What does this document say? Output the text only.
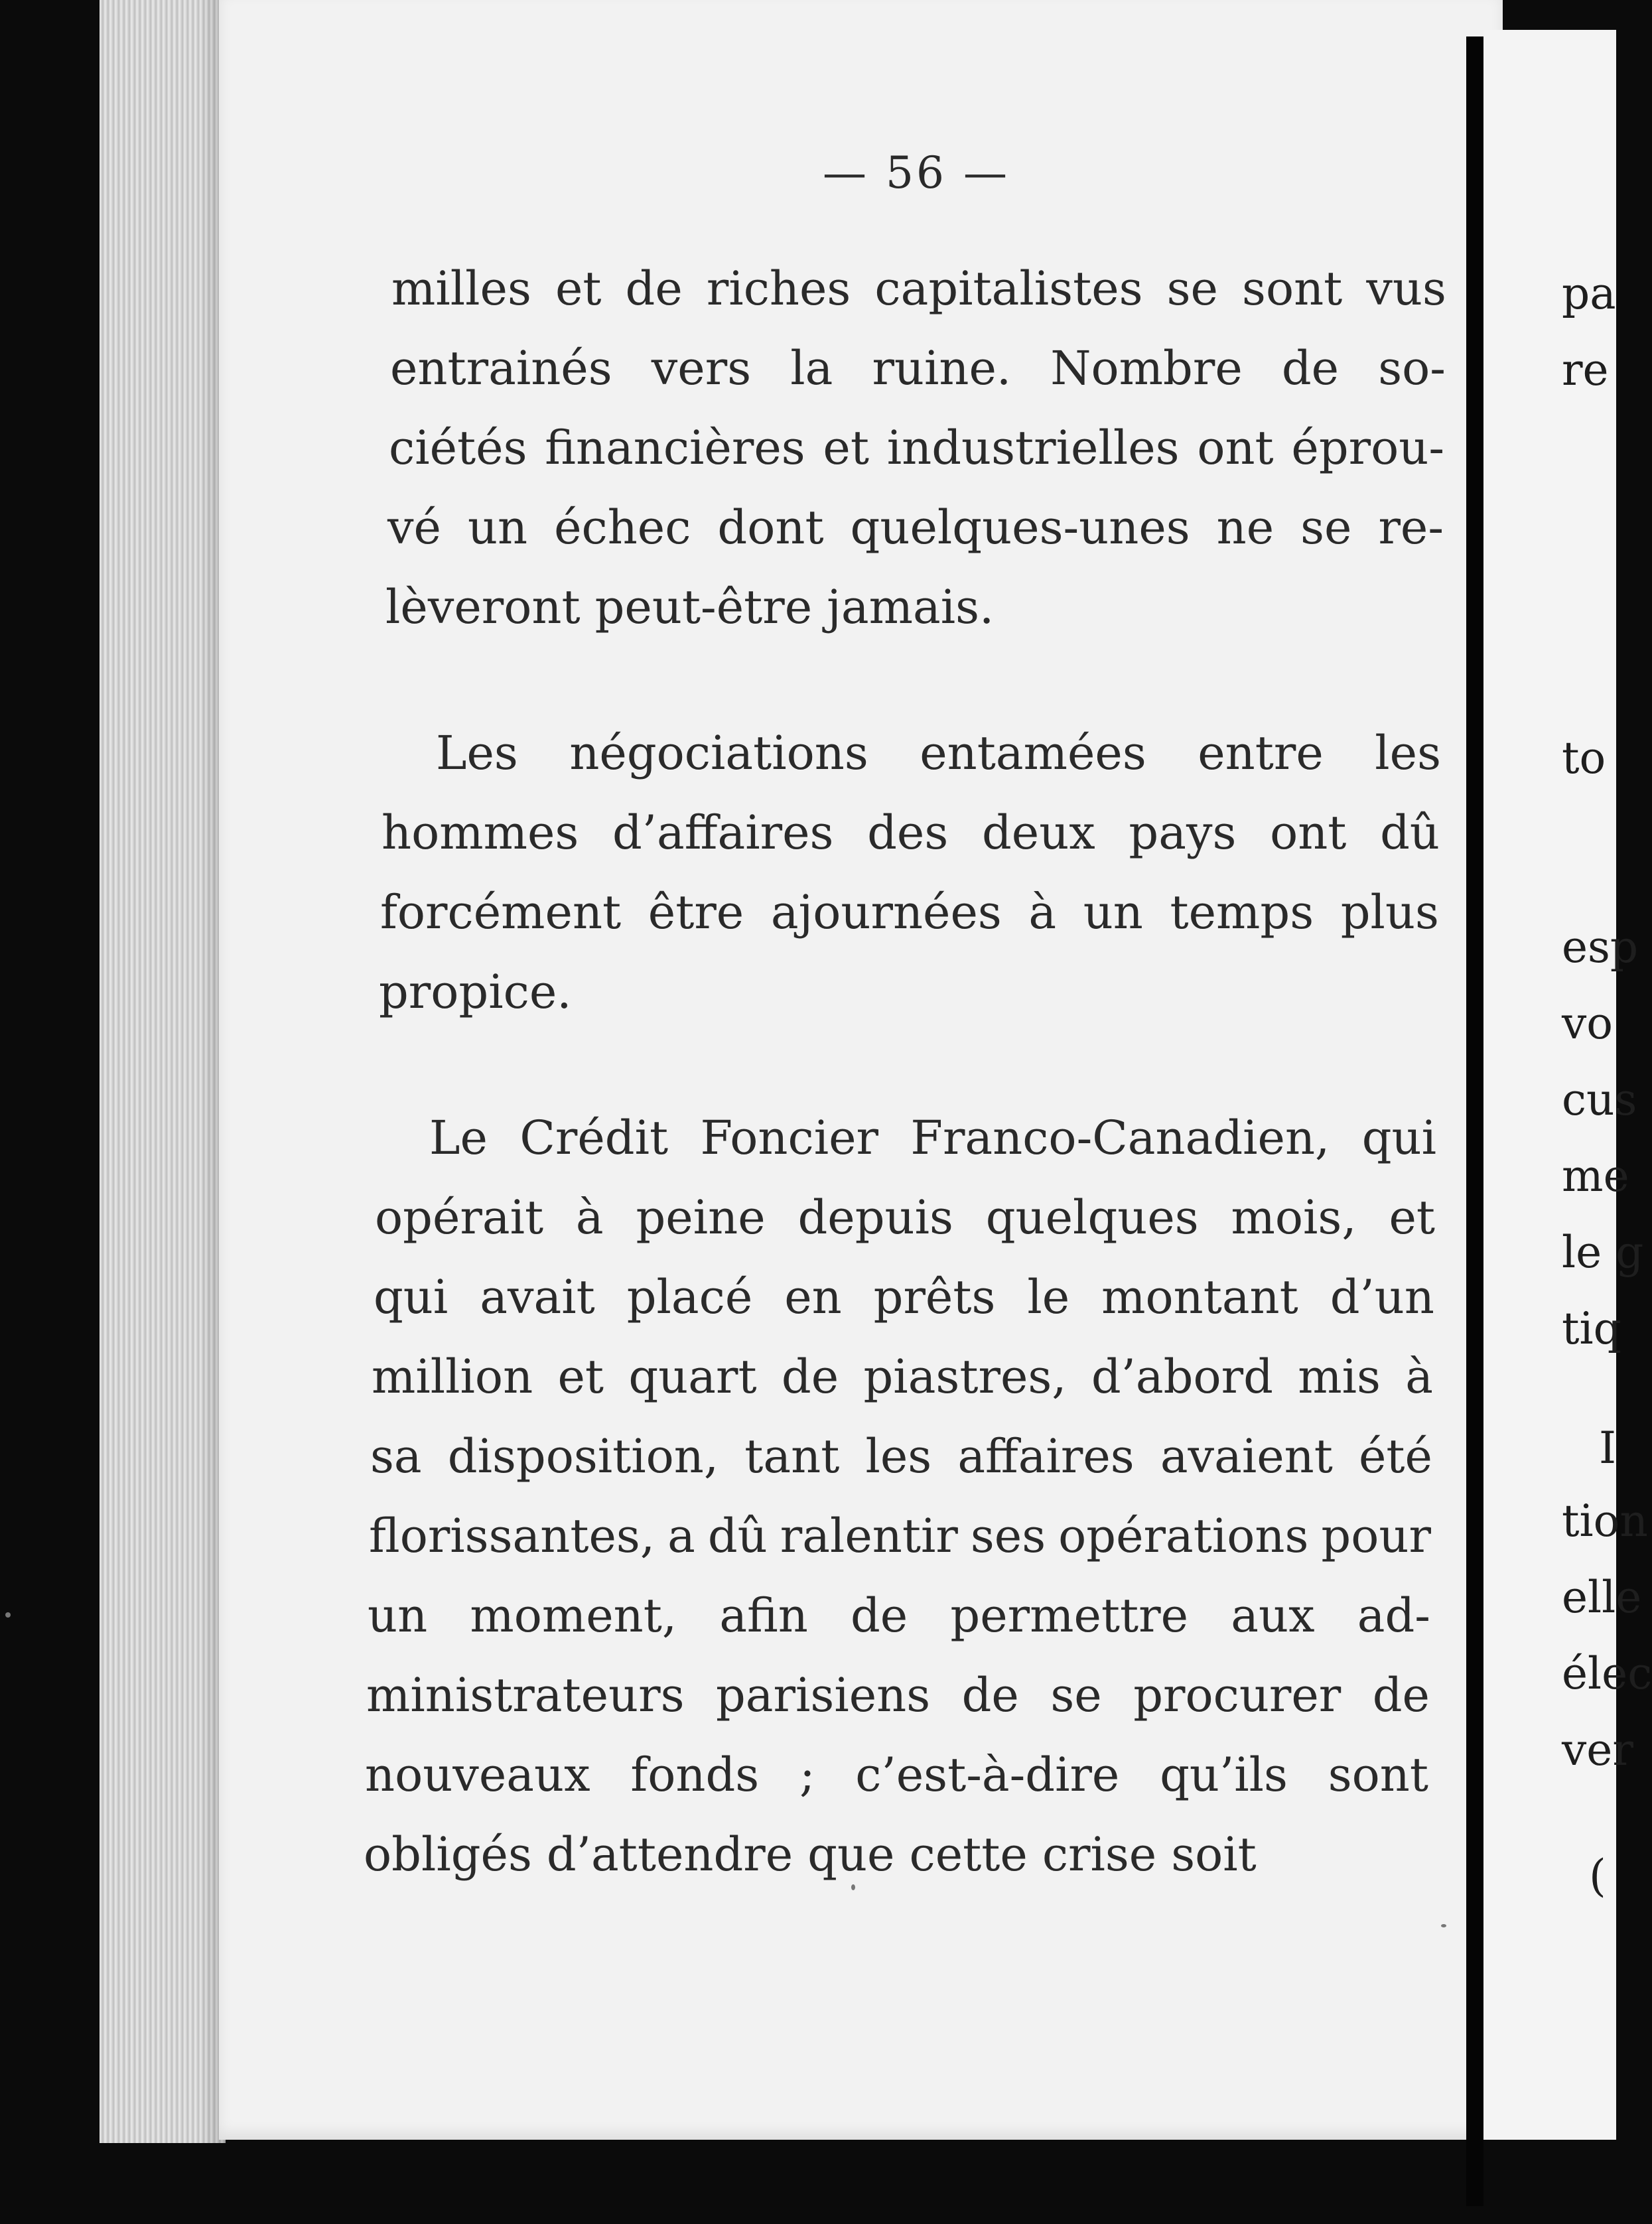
— 56 —
milles et de riches capitalistes se sont vus
entrainés vers la ruine. Nombre de so-
ciétés financières et industrielles ont éprou-
vé un échec dont quelques-unes ne se re-
lèveront peut-être jamais.
Les négociations entamées entre les
hommes d’affaires des deux pays ont dû
forcément être ajournées à un temps plus
propice.
Le Crédit Foncier Franco-Canadien, qui
opérait à peine depuis quelques mois, et
qui avait placé en prêts le montant d’un
million et quart de piastres, d’abord mis à
sa disposition, tant les affaires avaient été
florissantes, a dû ralentir ses opérations pour
un moment, afin de permettre aux ad-
ministrateurs parisiens de se procurer de
nouveaux fonds ; c’est-à-dire qu’ils sont
obligés d’attendre que cette crise soit
pa
re
to
esp
vo
cus
me
le g
tiq
I
tion
elle
élec
ver
(
